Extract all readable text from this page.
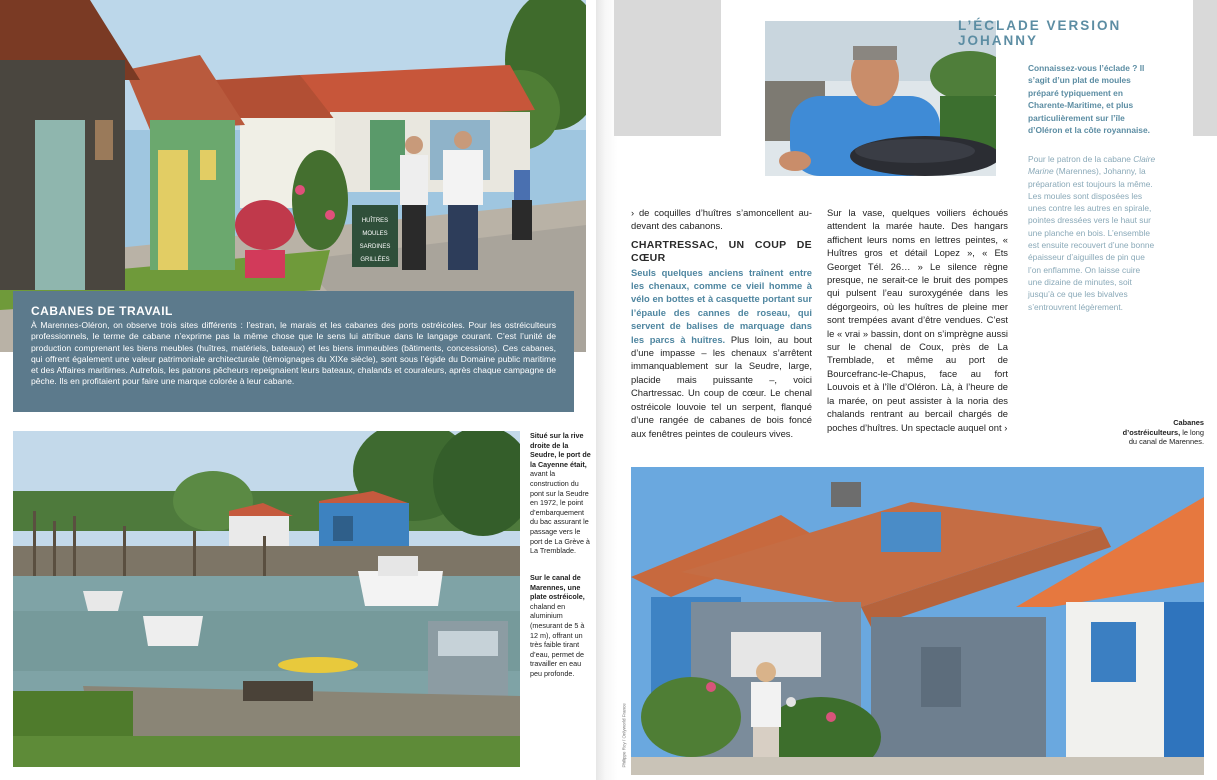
HUÎTRES
MOULES
SARDINES
GRILLÉES
CABANES DE TRAVAIL

À Marennes-Oléron, on observe trois sites différents : l’estran, le marais et les cabanes des ports ostréicoles. Pour les ostréiculteurs professionnels, le terme de cabane n’exprime pas la même chose que le sens lui attribue dans le langage courant. C’est l’unité de production comprenant les biens meubles (huîtres, matériels, bateaux) et les biens immeubles (bâtiments, concessions). Ces cabanes, qui offrent également une valeur patrimoniale architecturale (témoignages du XIXe siècle), sont sous l’égide du Domaine public maritime et des Affaires maritimes. Autrefois, les patrons pêcheurs repeignaient leurs bateaux, chalands et couraleurs, après chaque campagne de pêche. Ils en profitaient pour faire une marque colorée à leur cabane.

Situé sur la rive droite de la Seudre, le port de la Cayenne était, avant la construction du pont sur la Seudre en 1972, le point d’embarquement du bac assurant le passage vers le port de La Grève à La Tremblade.
Sur le canal de Marennes, une plate ostréicole, chaland en aluminium (mesurant de 5 à 12 m), offrant un très faible tirant d’eau, permet de travailler en eau peu profonde.
L’ÉCLADE VERSION JOHANNY
Connaissez-vous l’éclade ? Il s’agit d’un plat de moules préparé typiquement en Charente-Maritime, et plus particulièrement sur l’île d’Oléron et la côte royannaise.
Pour le patron de la cabane Claire Marine (Marennes), Johanny, la préparation est toujours la même. Les moules sont disposées les unes contre les autres en spirale, pointes dressées vers le haut sur une planche en bois. L’ensemble est ensuite recouvert d’une bonne épaisseur d’aiguilles de pin que l’on enflamme. On laisse cuire une dizaine de minutes, soit jusqu’à ce que les bivalves s’entrouvrent légèrement.
› de coquilles d’huîtres s’amoncellent au-devant des cabanons.
CHARTRESSAC, UN COUP DE CŒUR
Seuls quelques anciens traînent entre les chenaux, comme ce vieil homme à vélo en bottes et à casquette portant sur l’épaule des cannes de roseau, qui servent de balises de marquage dans les parcs à huîtres. Plus loin, au bout d’une impasse – les chenaux s’arrêtent immanquablement sur la Seudre, large, placide mais puissante –, voici Chartressac. Un coup de cœur. Le chenal ostréicole louvoie tel un serpent, flanqué d’une rangée de cabanes de bois foncé aux fenêtres peintes de couleurs vives.
Sur la vase, quelques voiliers échoués attendent la marée haute. Des hangars affichent leurs noms en lettres peintes, « Huîtres gros et détail Lopez », « Ets Georget Tél. 26… » Le silence règne presque, ne serait-ce le bruit des pompes qui pulsent l’eau suroxygénée dans les dégorgeoirs, où les huîtres de pleine mer sont trempées avant d’être vendues. C’est le « vrai » bassin, dont on s’imprègne aussi sur le chenal de Coux, près de La Tremblade, et même au port de Bourcefranc-le-Chapus, face au fort Louvois et à l’île d’Oléron. Là, à l’heure de la marée, on peut assister à la noria des chalands rentrant au bercail chargés de poches d’huîtres. Un spectacle auquel ont ›	Cabanes d’ostréiculteurs, le long du canal de Marennes.
Philippe Roy / Onlyworld France
